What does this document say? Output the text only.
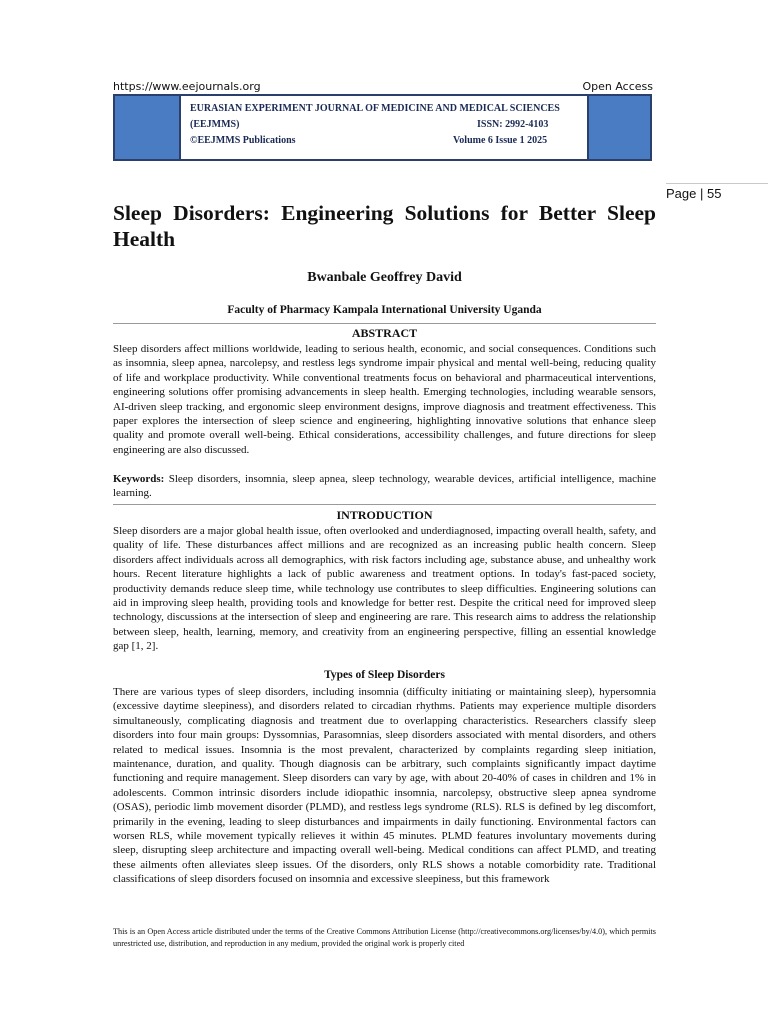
https://www.eejournals.org	Open Access
EURASIAN EXPERIMENT JOURNAL OF MEDICINE AND MEDICAL SCIENCES
(EEJMMS)	ISSN: 2992-4103
©EEJMMS Publications	Volume 6 Issue 1 2025
Page | 55
Sleep Disorders: Engineering Solutions for Better Sleep Health
Bwanbale Geoffrey David
Faculty of Pharmacy Kampala International University Uganda
ABSTRACT
Sleep disorders affect millions worldwide, leading to serious health, economic, and social consequences. Conditions such as insomnia, sleep apnea, narcolepsy, and restless legs syndrome impair physical and mental well-being, reducing quality of life and workplace productivity. While conventional treatments focus on behavioral and pharmaceutical interventions, engineering solutions offer promising advancements in sleep health. Emerging technologies, including wearable sensors, AI-driven sleep tracking, and ergonomic sleep environment designs, improve diagnosis and treatment effectiveness. This paper explores the intersection of sleep science and engineering, highlighting innovative solutions that enhance sleep quality and promote overall well-being. Ethical considerations, accessibility challenges, and future directions for sleep engineering are also discussed.
Keywords: Sleep disorders, insomnia, sleep apnea, sleep technology, wearable devices, artificial intelligence, machine learning.
INTRODUCTION
Sleep disorders are a major global health issue, often overlooked and underdiagnosed, impacting overall health, safety, and quality of life. These disturbances affect millions and are recognized as an increasing public health concern. Sleep disorders affect individuals across all demographics, with risk factors including age, substance abuse, and unhealthy work hours. Recent literature highlights a lack of public awareness and treatment options. In today's fast-paced society, productivity demands reduce sleep time, while technology use contributes to sleep difficulties. Engineering solutions can aid in improving sleep health, providing tools and knowledge for better rest. Despite the critical need for improved sleep technology, discussions at the intersection of sleep and engineering are rare. This research aims to address the relationship between sleep, health, learning, memory, and creativity from an engineering perspective, filling an essential knowledge gap [1, 2].
Types of Sleep Disorders
There are various types of sleep disorders, including insomnia (difficulty initiating or maintaining sleep), hypersomnia (excessive daytime sleepiness), and disorders related to circadian rhythms. Patients may experience multiple disorders simultaneously, complicating diagnosis and treatment due to overlapping characteristics. Researchers classify sleep disorders into four main groups: Dyssomnias, Parasomnias, sleep disorders associated with mental disorders, and others related to medical issues. Insomnia is the most prevalent, characterized by complaints regarding sleep initiation, maintenance, duration, and quality. Though diagnosis can be arbitrary, such complaints significantly impact daytime functioning and require management. Sleep disorders can vary by age, with about 20-40% of cases in children and 1% in adolescents. Common intrinsic disorders include idiopathic insomnia, narcolepsy, obstructive sleep apnea syndrome (OSAS), periodic limb movement disorder (PLMD), and restless legs syndrome (RLS). RLS is defined by leg discomfort, primarily in the evening, leading to sleep disturbances and impairments in daily functioning. Environmental factors can worsen RLS, while movement typically relieves it within 45 minutes. PLMD features involuntary movements during sleep, disrupting sleep architecture and impacting overall well-being. Medical conditions can affect PLMD, and treating these ailments often alleviates sleep issues. Of the disorders, only RLS shows a notable comorbidity rate. Traditional classifications of sleep disorders focused on insomnia and excessive sleepiness, but this framework
This is an Open Access article distributed under the terms of the Creative Commons Attribution License (http://creativecommons.org/licenses/by/4.0), which permits unrestricted use, distribution, and reproduction in any medium, provided the original work is properly cited
